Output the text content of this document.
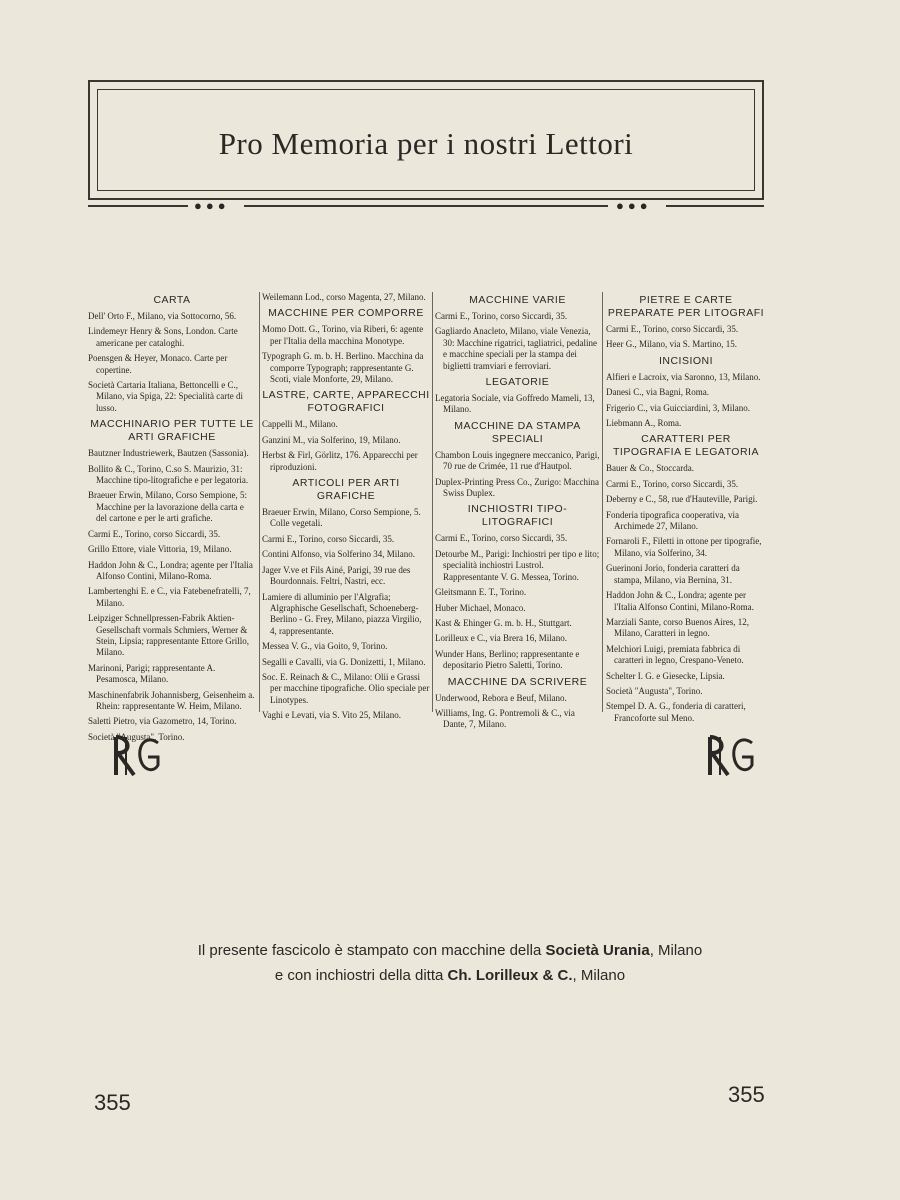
Pro Memoria per i nostri Lettori
●●●	●●●
CARTA
Dell' Orto F., Milano, via Sottocorno, 56.
Lindemeyr Henry & Sons, London. Carte americane per cataloghi.
Poensgen & Heyer, Monaco. Carte per copertine.
Società Cartaria Italiana, Bettoncelli e C., Milano, via Spiga, 22: Specialità carte di lusso.
MACCHINARIO PER TUTTE LE ARTI GRAFICHE
Bautzner Industriewerk, Bautzen (Sassonia).
Bollito & C., Torino, C.so S. Maurizio, 31: Macchine tipo-litografiche e per legatoria.
Braeuer Erwin, Milano, Corso Sempione, 5: Macchine per la lavorazione della carta e del cartone e per le arti grafiche.
Carmi E., Torino, corso Siccardi, 35.
Grillo Ettore, viale Vittoria, 19, Milano.
Haddon John & C., Londra; agente per l'Italia Alfonso Contini, Milano-Roma.
Lambertenghi E. e C., via Fatebenefratelli, 7, Milano.
Leipziger Schnellpressen-Fabrik Aktien-Gesellschaft vormals Schmiers, Werner & Stein, Lipsia; rappresentante Ettore Grillo, Milano.
Marinoni, Parigi; rappresentante A. Pesamosca, Milano.
Maschinenfabrik Johannisberg, Geisenheim a. Rhein: rappresentante W. Heim, Milano.
Saletti Pietro, via Gazometro, 14, Torino.
Società "Augusta", Torino.
Weilemann Lod., corso Magenta, 27, Milano.
MACCHINE PER COMPORRE
Momo Dott. G., Torino, via Riberi, 6: agente per l'Italia della macchina Monotype.
Typograph G. m. b. H. Berlino. Macchina da comporre Typograph; rappresentante G. Scoti, viale Monforte, 29, Milano.
LASTRE, CARTE, APPARECCHI FOTOGRAFICI
Cappelli M., Milano.
Ganzini M., via Solferino, 19, Milano.
Herbst & Firl, Görlitz, 176. Apparecchi per riproduzioni.
ARTICOLI PER ARTI GRAFICHE
Braeuer Erwin, Milano, Corso Sempione, 5. Colle vegetali.
Carmi E., Torino, corso Siccardi, 35.
Contini Alfonso, via Solferino 34, Milano.
Jager V.ve et Fils Ainé, Parigi, 39 rue des Bourdonnais. Feltri, Nastri, ecc.
Lamiere di alluminio per l'Algrafia; Algraphische Gesellschaft, Schoeneberg-Berlino - G. Frey, Milano, piazza Virgilio, 4, rappresentante.
Messea V. G., via Goito, 9, Torino.
Segalli e Cavalli, via G. Donizetti, 1, Milano.
Soc. E. Reinach & C., Milano: Olii e Grassi per macchine tipografiche. Olio speciale per Linotypes.
Vaghi e Levati, via S. Vito 25, Milano.
MACCHINE VARIE
Carmi E., Torino, corso Siccardi, 35.
Gagliardo Anacleto, Milano, viale Venezia, 30: Macchine rigatrici, tagliatrici, pedaline e macchine speciali per la stampa dei biglietti tramviari e ferroviari.
LEGATORIE
Legatoria Sociale, via Goffredo Mameli, 13, Milano.
MACCHINE DA STAMPA SPECIALI
Chambon Louis ingegnere meccanico, Parigi, 70 rue de Crimée, 11 rue d'Hautpol.
Duplex-Printing Press Co., Zurigo: Macchina Swiss Duplex.
INCHIOSTRI TIPO-LITOGRAFICI
Carmi E., Torino, corso Siccardi, 35.
Detourbe M., Parigi: Inchiostri per tipo e lito; specialità inchiostri Lustrol. Rappresentante V. G. Messea, Torino.
Gleitsmann E. T., Torino.
Huber Michael, Monaco.
Kast & Ehinger G. m. b. H., Stuttgart.
Lorilleux e C., via Brera 16, Milano.
Wunder Hans, Berlino; rappresentante e depositario Pietro Saletti, Torino.
MACCHINE DA SCRIVERE
Underwood, Rebora e Beuf, Milano.
Williams, Ing. G. Pontremoli & C., via Dante, 7, Milano.
PIETRE E CARTE PREPARATE PER LITOGRAFI
Carmi E., Torino, corso Siccardi, 35.
Heer G., Milano, via S. Martino, 15.
INCISIONI
Alfieri e Lacroix, via Saronno, 13, Milano.
Danesi C., via Bagni, Roma.
Frigerio C., via Guicciardini, 3, Milano.
Liebmann A., Roma.
CARATTERI PER TIPOGRAFIA E LEGATORIA
Bauer & Co., Stoccarda.
Carmi E., Torino, corso Siccardi, 35.
Deberny e C., 58, rue d'Hauteville, Parigi.
Fonderia tipografica cooperativa, via Archimede 27, Milano.
Fornaroli F., Filetti in ottone per tipografie, Milano, via Solferino, 34.
Guerinoni Jorio, fonderia caratteri da stampa, Milano, via Bernina, 31.
Haddon John & C., Londra; agente per l'Italia Alfonso Contini, Milano-Roma.
Marziali Sante, corso Buenos Aires, 12, Milano, Caratteri in legno.
Melchiori Luigi, premiata fabbrica di caratteri in legno, Crespano-Veneto.
Schelter I. G. e Giesecke, Lipsia.
Società "Augusta", Torino.
Stempel D. A. G., fonderia di caratteri, Francoforte sul Meno.
Il presente fascicolo è stampato con macchine della Società Urania, Milano
e con inchiostri della ditta Ch. Lorilleux & C., Milano
355	355
